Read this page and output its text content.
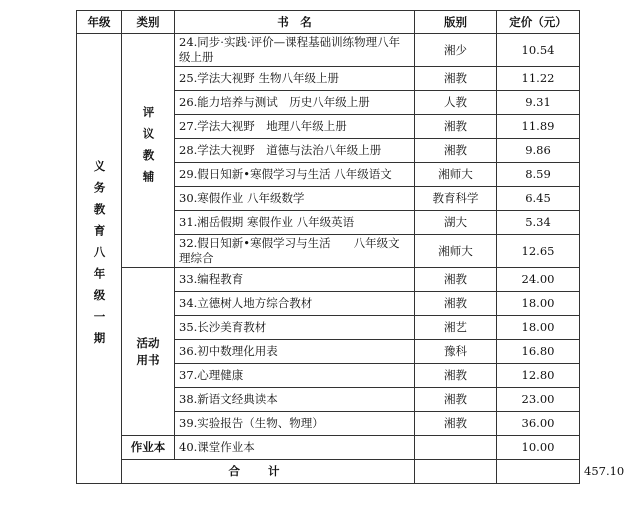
年级	类别	书　名	版别	定价（元）	
义务教育八年级一期	评议教辅	24.同步·实践·评价—课程基础训练物理八年级上册	湘少	10.54	
		25.学法大视野 生物八年级上册	湘教	11.22	
		26.能力培养与测试　历史八年级上册	人教	9.31	
		27.学法大视野　地理八年级上册	湘教	11.89	
		28.学法大视野　道德与法治八年级上册	湘教	9.86	
		29.假日知新•寒假学习与生活 八年级语文	湘师大	8.59	
		30.寒假作业 八年级数学	教育科学	6.45	
		31.湘岳假期 寒假作业 八年级英语	湖大	5.34	
		32.假日知新•寒假学习与生活　　八年级文理综合	湘师大	12.65	
	活动用书	33.编程教育	湘教	24.00	
		34.立德树人地方综合教材	湘教	18.00	
		35.长沙美育教材	湘艺	18.00	
		36.初中数理化用表	豫科	16.80	
		37.心理健康	湘教	12.80	
		38.新语文经典读本	湘教	23.00	
		39.实验报告（生物、物理）	湘教	36.00	
	作业本	40.课堂作业本		10.00	
	合计				457.10
